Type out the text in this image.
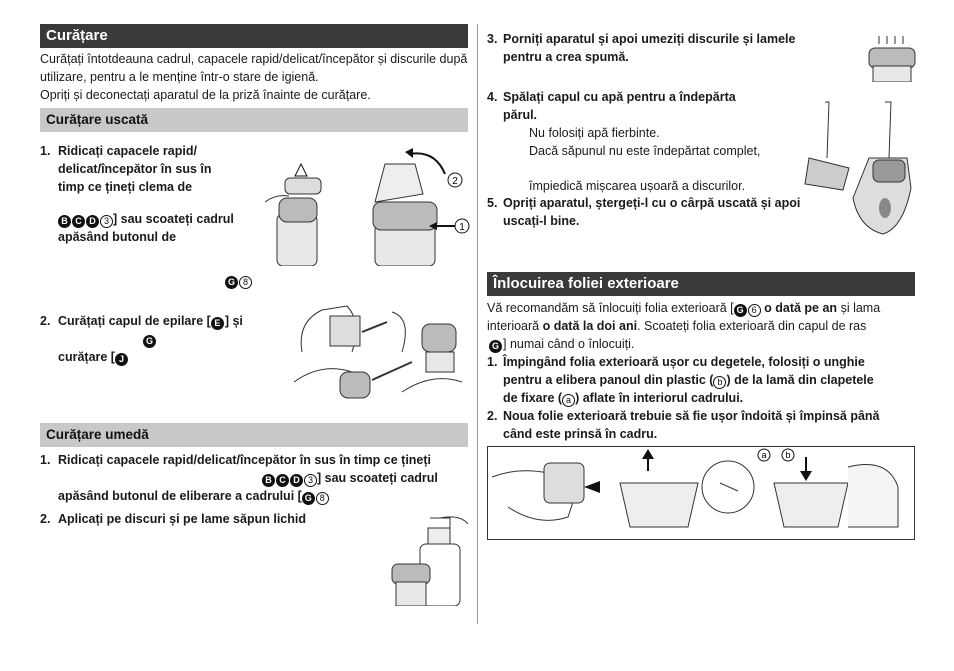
Curățare

Curățați întotdeauna cadrul, capacele rapid/delicat/începător și discurile după utilizare, pentru a le menține într-o stare de igienă.

Opriți și deconectați aparatul de la priză înainte de curățare.

Curățare uscată
1. Ridicați capacele rapid/ delicat/începător în sus în timp ce țineți clema de
B C D 3 ] sau scoateți cadrul apăsând butonul de
G 8
1
2
2. Curățați capul de epilare [ E ] și
G
curățare [ J
Curățare umedă
1. Ridicați capacele rapid/delicat/începător în sus în timp ce țineți
B C D 3 ] sau scoateți cadrul
apăsând butonul de eliberare a cadrului [ G 8
2. Aplicați pe discuri și pe lame săpun lichid
3. Porniți aparatul și apoi umeziți discurile și lamele pentru a crea spumă.
4. Spălați capul cu apă pentru a îndepărta
părul.

Nu folosiți apă fierbinte.

Dacă săpunul nu este îndepărtat complet,

împiedică mișcarea ușoară a discurilor.

5. Opriți aparatul, ștergeți-l cu o cârpă uscată și apoi uscați-l bine.
Înlocuirea foliei exterioare

Vă recomandăm să înlocuiți folia exterioară [ G 6 o dată pe an și lama

interioară o dată la doi ani. Scoateți folia exterioară din capul de ras

G ] numai când o înlocuiți.

1. Împingând folia exterioară ușor cu degetele, folosiți o unghie
pentru a elibera panoul din plastic ( b ) de la lamă din clapetele
de fixare ( a ) aflate în interiorul cadrului.
2. Noua folie exterioară trebuie să fie ușor îndoită și împinsă până
când este prinsă în cadru.
a b
